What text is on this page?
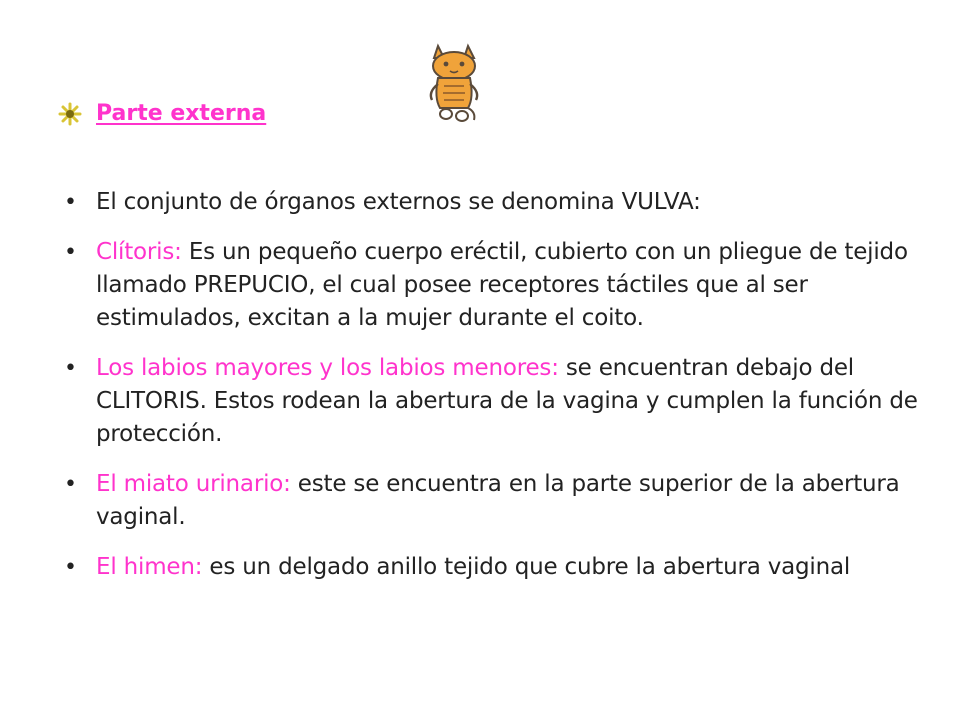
Parte externa
• El conjunto de órganos externos se denomina VULVA:
• Clítoris: Es un pequeño cuerpo eréctil, cubierto con un pliegue de tejido llamado PREPUCIO, el cual posee receptores táctiles que al ser estimulados, excitan a la mujer durante el coito.
• Los labios mayores y los labios menores: se encuentran debajo del CLITORIS. Estos rodean la abertura de la vagina y cumplen la función de protección.
• El miato urinario: este se encuentra en la parte superior de la abertura vaginal.
• El himen: es un delgado anillo tejido que cubre la abertura vaginal
